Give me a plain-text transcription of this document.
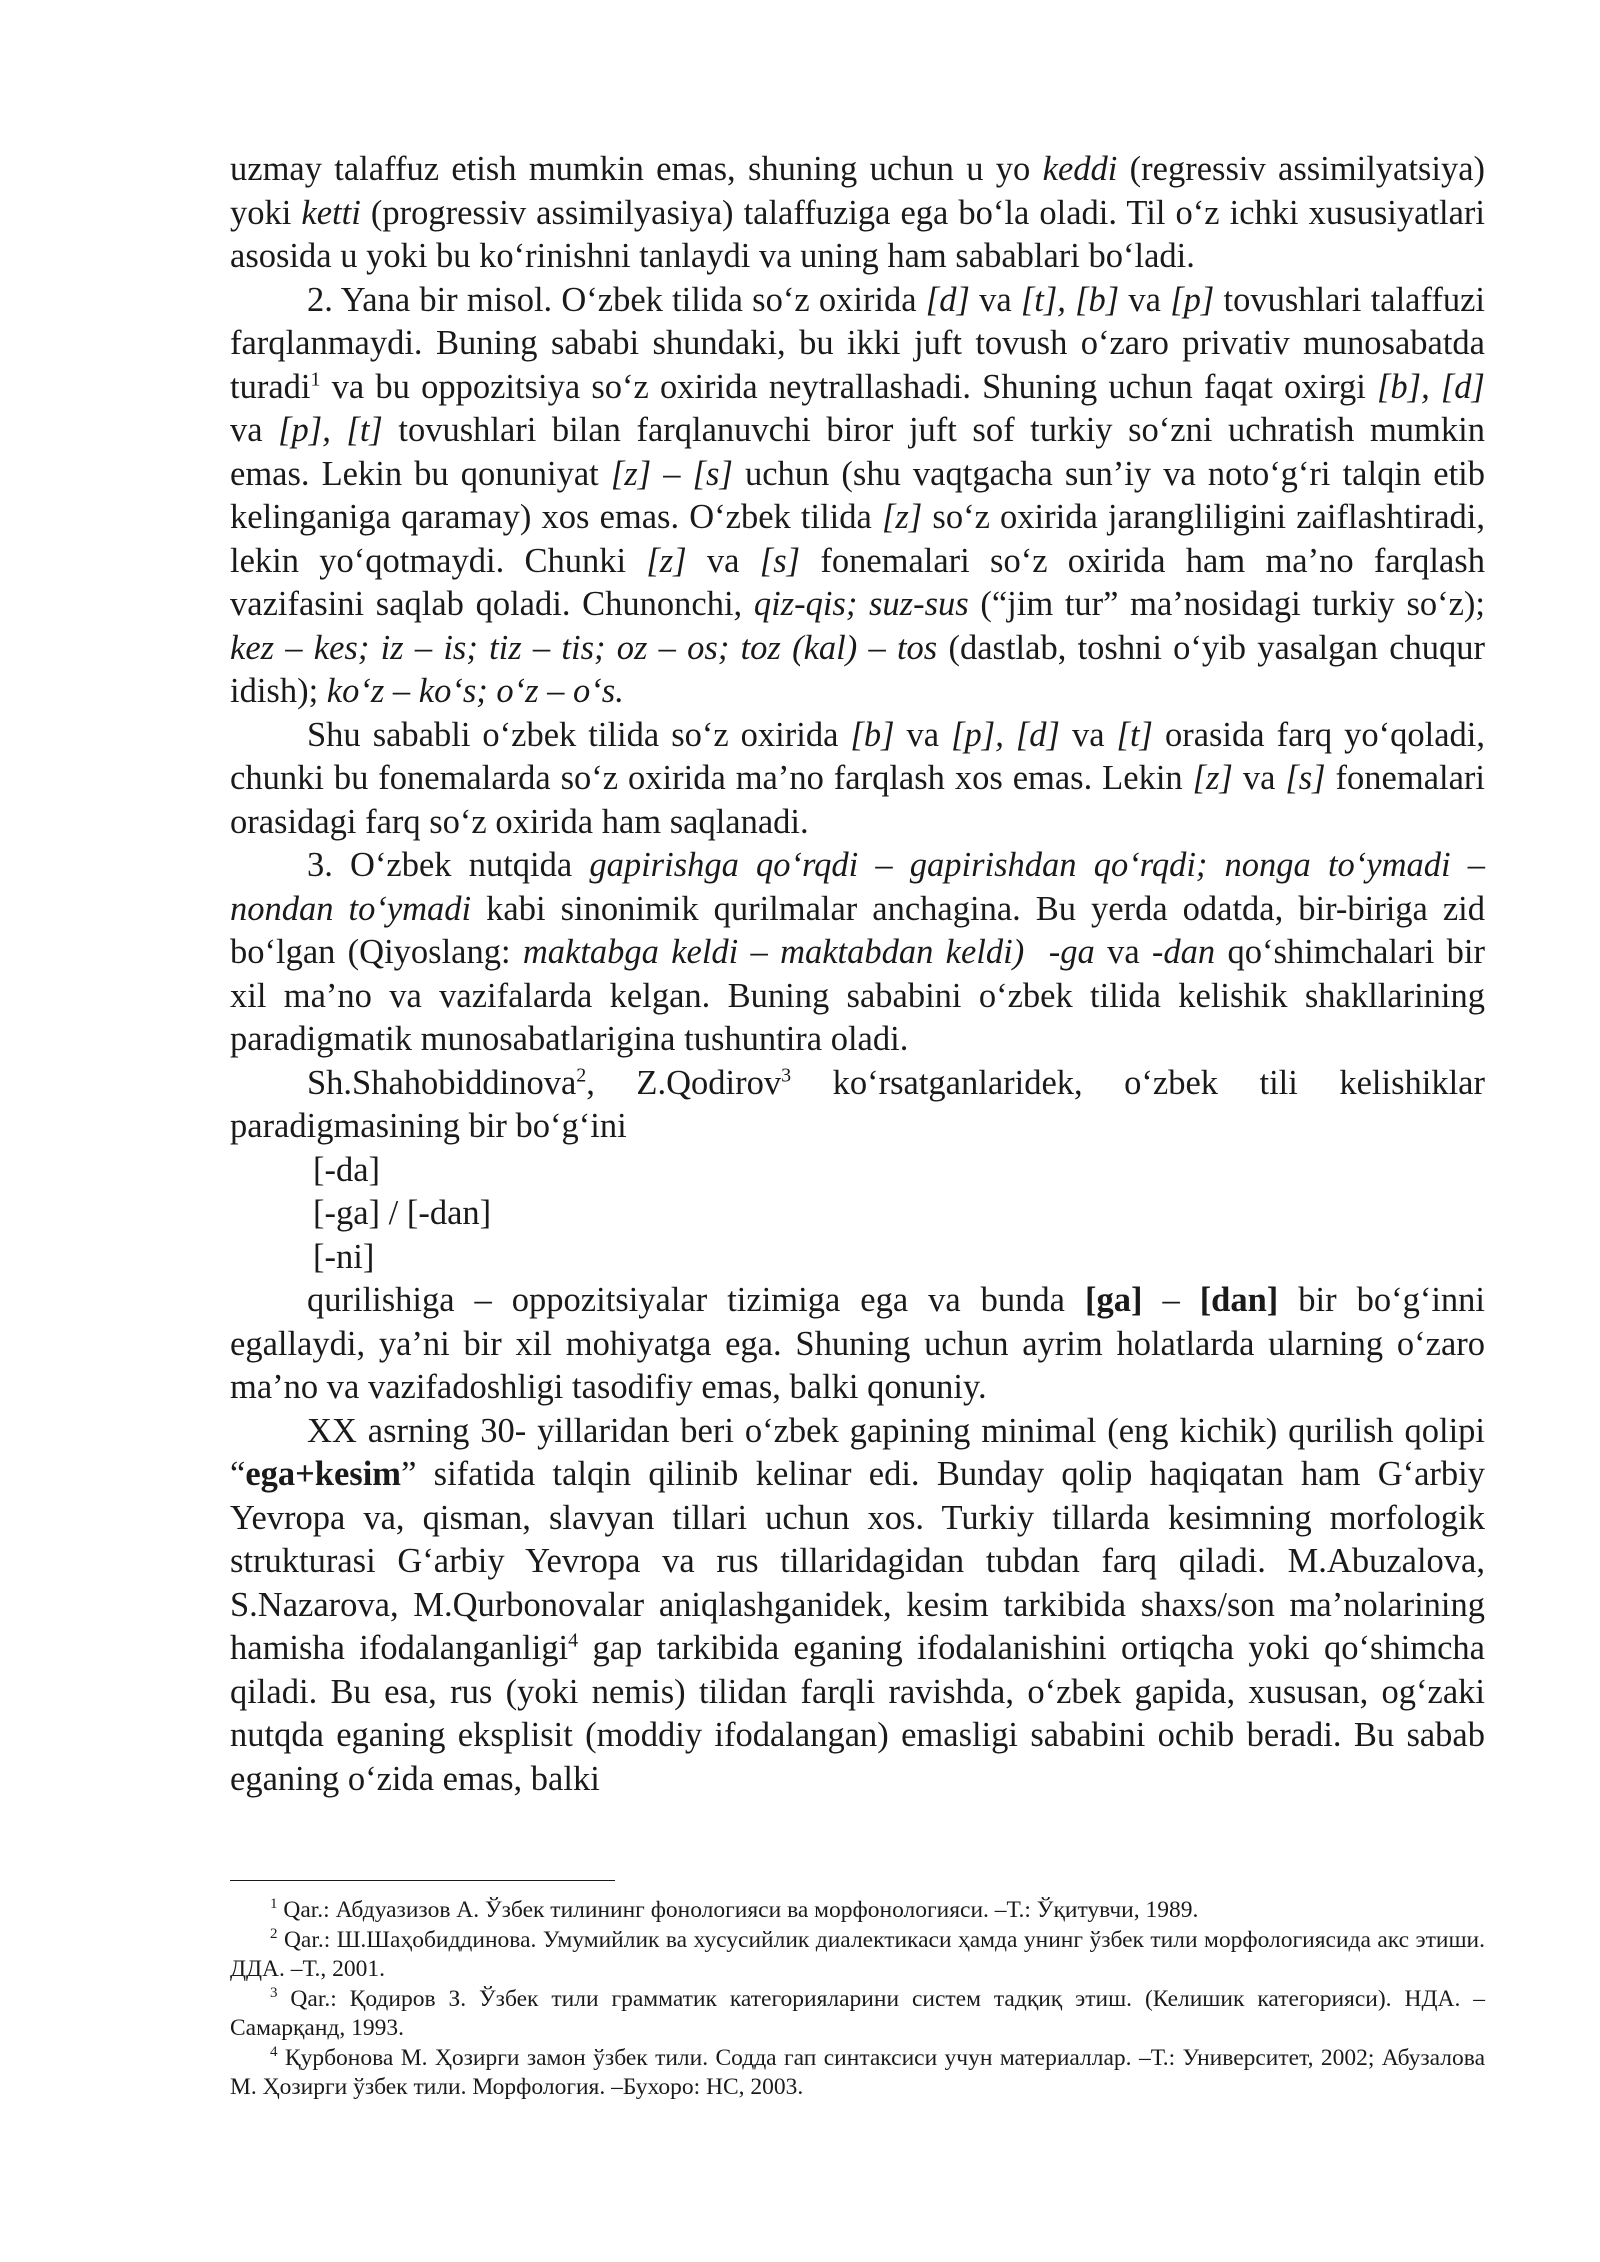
uzmay talaffuz etish mumkin emas, shuning uchun u yo keddi (regressiv assimilyatsiya) yoki ketti (progressiv assimilyasiya) talaffuziga ega bo‘la oladi. Til o‘z ichki xususiyatlari asosida u yoki bu ko‘rinishni tanlaydi va uning ham sabablari bo‘ladi.

2. Yana bir misol. O‘zbek tilida so‘z oxirida [d] va [t], [b] va [p] tovushlari talaffuzi farqlanmaydi. Buning sababi shundaki, bu ikki juft tovush o‘zaro privativ munosabatda turadi$^1$ va bu oppozitsiya so‘z oxirida neytrallashadi. Shuning uchun faqat oxirgi [b], [d] va [p], [t] tovushlari bilan farqlanuvchi biror juft sof turkiy so‘zni uchratish mumkin emas. Lekin bu qonuniyat [z] – [s] uchun (shu vaqtgacha sun’iy va noto‘g‘ri talqin etib kelinganiga qaramay) xos emas. O‘zbek tilida [z] so‘z oxirida jarangliligini zaiflashtiradi, lekin yo‘qotmaydi. Chunki [z] va [s] fonemalari so‘z oxirida ham ma’no farqlash vazifasini saqlab qoladi. Chunonchi, qiz-qis; suz-sus (“jim tur” ma’nosidagi turkiy so‘z); kez – kes; iz – is; tiz – tis; oz – os; toz (kal) – tos (dastlab, toshni o‘yib yasalgan chuqur idish); ko‘z – ko‘s; o‘z – o‘s.

Shu sababli o‘zbek tilida so‘z oxirida [b] va [p], [d] va [t] orasida farq yo‘qoladi, chunki bu fonemalarda so‘z oxirida ma’no farqlash xos emas. Lekin [z] va [s] fonemalari orasidagi farq so‘z oxirida ham saqlanadi.

3. O‘zbek nutqida gapirishga qo‘rqdi – gapirishdan qo‘rqdi; nonga to‘ymadi – nondan to‘ymadi kabi sinonimik qurilmalar anchagina. Bu yerda odatda, bir-biriga zid bo‘lgan (Qiyoslang: maktabga keldi – maktabdan keldi) -ga va -dan qo‘shimchalari bir xil ma’no va vazifalarda kelgan. Buning sababini o‘zbek tilida kelishik shakllarining paradigmatik munosabatlarigina tushuntira oladi.

Sh.Shahobiddinova$^2$, Z.Qodirov$^3$ ko‘rsatganlaridek, o‘zbek tili kelishiklar paradigmasining bir bo‘g‘ini

[-da]
[-ga] / [-dan]
[-ni]

qurilishiga – oppozitsiyalar tizimiga ega va bunda [ga] – [dan] bir bo‘g‘inni egallaydi, ya’ni bir xil mohiyatga ega. Shuning uchun ayrim holatlarda ularning o‘zaro ma’no va vazifadoshligi tasodifiy emas, balki qonuniy.

XX asrning 30- yillaridan beri o‘zbek gapining minimal (eng kichik) qurilish qolipi “ega+kesim” sifatida talqin qilinib kelinar edi. Bunday qolip haqiqatan ham G‘arbiy Yevropa va, qisman, slavyan tillari uchun xos. Turkiy tillarda kesimning morfologik strukturasi G‘arbiy Yevropa va rus tillaridagidan tubdan farq qiladi. M.Abuzalova, S.Nazarova, M.Qurbonovalar aniqlashganidek, kesim tarkibida shaxs/son ma’nolarining hamisha ifodalanganligi$^4$ gap tarkibida eganing ifodalanishini ortiqcha yoki qo‘shimcha qiladi. Bu esa, rus (yoki nemis) tilidan farqli ravishda, o‘zbek gapida, xususan, og‘zaki nutqda eganing eksplisit (moddiy ifodalangan) emasligi sababini ochib beradi. Bu sabab eganing o‘zida emas, balki

$^1$ Qar.: Абдуазизов А. Ўзбек тилининг фонологияси ва морфонологияси. –Т.: Ўқитувчи, 1989.

$^2$ Qar.: Ш.Шаҳобиддинова. Умумийлик ва хусусийлик диалектикаси ҳамда унинг ўзбек тили морфологиясида акс этиши. ДДА. –Т., 2001.

$^3$ Qar.: Қодиров З. Ўзбек тили грамматик категорияларини систем тадқиқ этиш. (Келишик категорияси). НДА. –Самарқанд, 1993.

$^4$ Қурбонова М. Ҳозирги замон ўзбек тили. Содда гап синтаксиси учун материаллар. –Т.: Университет, 2002; Абузалова М. Ҳозирги ўзбек тили. Морфология. –Бухоро: НС, 2003.
